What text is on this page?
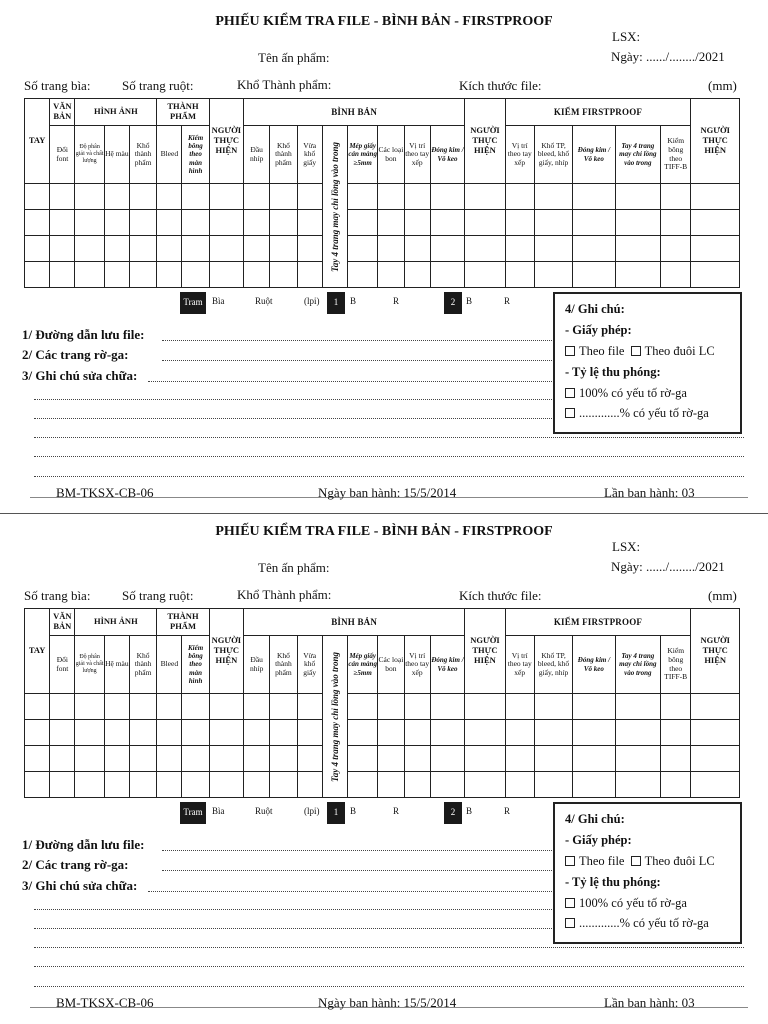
PHIẾU KIỂM TRA FILE - BÌNH BẢN - FIRSTPROOF
LSX:
Tên ấn phẩm:	Ngày: ....../......../2021
Số trang bìa: Số trang ruột:	Khổ Thành phẩm:	Kích thước file:	(mm)
TAY	VĂN BẢN	HÌNH ẢNH			THÀNH PHẨM		NGƯỜI THỰC HIỆN	BÌNH BẢN								NGƯỜI THỰC HIỆN	KIỂM FIRSTPROOF					NGƯỜI THỰC HIỆN
	Đổi font	Độ phân giải và chất lượng	Hệ màu	Khổ thành phẩm	Bleed	Kiểm bông theo màn hình		Đầu nhíp	Khổ thành phẩm	Vừa khổ giấy	Tay 4 trang may chỉ lồng vào trong	Mép giấy cán màng ≥5mm	Các loại bon	Vị trí theo tay xếp	Đóng kim / Vô keo		Vị trí theo tay xếp	Khổ TP, bleed, khổ giấy, nhíp	Đóng kim / Vô keo	Tay 4 trang may chỉ lồng vào trong	Kiểm bông theo TIFF-B	

Tram	Bìa	Ruột	(lpi)	1	B	R	2	B	R
1/ Đường dẫn lưu file:
2/ Các trang rờ-ga:
3/ Ghi chú sửa chữa:
4/ Ghi chú:
- Giấy phép:
Theo file Theo đuôi LC
- Tỷ lệ thu phóng:
100% có yếu tố rờ-ga
.............% có yếu tố rờ-ga
BM-TKSX-CB-06	Ngày ban hành: 15/5/2014	Lần ban hành: 03
PHIẾU KIỂM TRA FILE - BÌNH BẢN - FIRSTPROOF
LSX:
Tên ấn phẩm:	Ngày: ....../......../2021
Số trang bìa: Số trang ruột:	Khổ Thành phẩm:	Kích thước file:	(mm)
TAY	VĂN BẢN	HÌNH ẢNH			THÀNH PHẨM		NGƯỜI THỰC HIỆN	BÌNH BẢN								NGƯỜI THỰC HIỆN	KIỂM FIRSTPROOF					NGƯỜI THỰC HIỆN
	Đổi font	Độ phân giải và chất lượng	Hệ màu	Khổ thành phẩm	Bleed	Kiểm bông theo màn hình		Đầu nhíp	Khổ thành phẩm	Vừa khổ giấy	Tay 4 trang may chỉ lồng vào trong	Mép giấy cán màng ≥5mm	Các loại bon	Vị trí theo tay xếp	Đóng kim / Vô keo		Vị trí theo tay xếp	Khổ TP, bleed, khổ giấy, nhíp	Đóng kim / Vô keo	Tay 4 trang may chỉ lồng vào trong	Kiểm bông theo TIFF-B	

Tram	Bìa	Ruột	(lpi)	1	B	R	2	B	R
1/ Đường dẫn lưu file:
2/ Các trang rờ-ga:
3/ Ghi chú sửa chữa:
4/ Ghi chú:
- Giấy phép:
Theo file Theo đuôi LC
- Tỷ lệ thu phóng:
100% có yếu tố rờ-ga
.............% có yếu tố rờ-ga
BM-TKSX-CB-06	Ngày ban hành: 15/5/2014	Lần ban hành: 03
